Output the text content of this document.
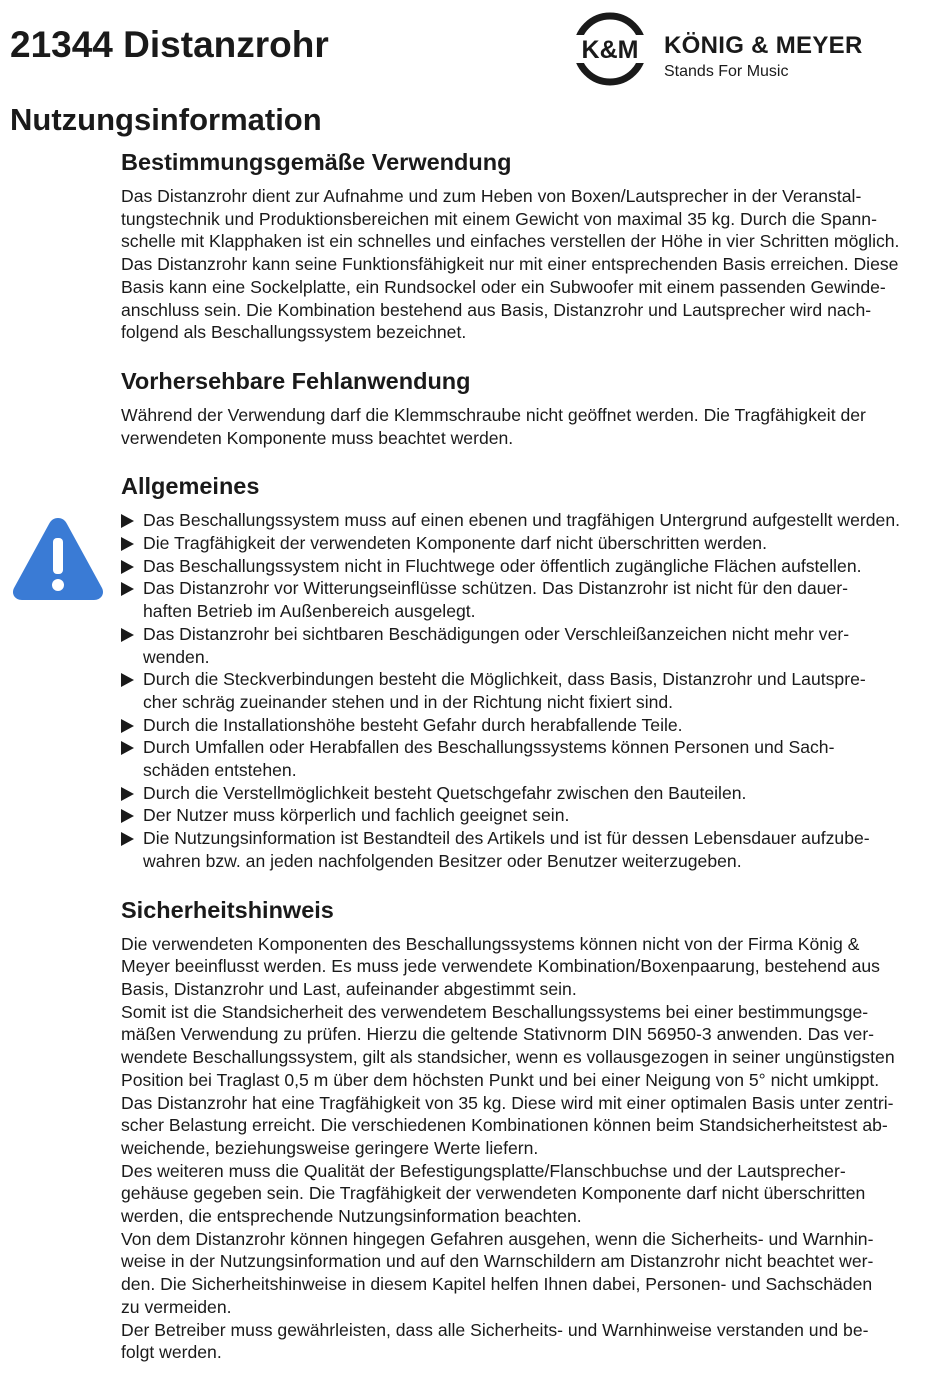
21344 Distanzrohr	K&M KÖNIG & MEYER
Stands For Music
Nutzungsinformation
Bestimmungsgemäße Verwendung

Das Distanzrohr dient zur Aufnahme und zum Heben von Boxen/Lautsprecher in der Veranstal-
tungstechnik und Produktionsbereichen mit einem Gewicht von maximal 35 kg. Durch die Spann-
schelle mit Klapphaken ist ein schnelles und einfaches verstellen der Höhe in vier Schritten möglich.
Das Distanzrohr kann seine Funktionsfähigkeit nur mit einer entsprechenden Basis erreichen. Diese
Basis kann eine Sockelplatte, ein Rundsockel oder ein Subwoofer mit einem passenden Gewinde-
anschluss sein. Die Kombination bestehend aus Basis, Distanzrohr und Lautsprecher wird nach-
folgend als Beschallungssystem bezeichnet.

Vorhersehbare Fehlanwendung

Während der Verwendung darf die Klemmschraube nicht geöffnet werden. Die Tragfähigkeit der
verwendeten Komponente muss beachtet werden.

Allgemeines
Das Beschallungssystem muss auf einen ebenen und tragfähigen Untergrund aufgestellt werden.
Die Tragfähigkeit der verwendeten Komponente darf nicht überschritten werden.
Das Beschallungssystem nicht in Fluchtwege oder öffentlich zugängliche Flächen aufstellen.
Das Distanzrohr vor Witterungseinflüsse schützen. Das Distanzrohr ist nicht für den dauer-
haften Betrieb im Außenbereich ausgelegt.
Das Distanzrohr bei sichtbaren Beschädigungen oder Verschleißanzeichen nicht mehr ver-
wenden.
Durch die Steckverbindungen besteht die Möglichkeit, dass Basis, Distanzrohr und Lautspre-
cher schräg zueinander stehen und in der Richtung nicht fixiert sind.
Durch die Installationshöhe besteht Gefahr durch herabfallende Teile.
Durch Umfallen oder Herabfallen des Beschallungssystems können Personen und Sach-
schäden entstehen.
Durch die Verstellmöglichkeit besteht Quetschgefahr zwischen den Bauteilen.
Der Nutzer muss körperlich und fachlich geeignet sein.
Die Nutzungsinformation ist Bestandteil des Artikels und ist für dessen Lebensdauer aufzube-
wahren bzw. an jeden nachfolgenden Besitzer oder Benutzer weiterzugeben.
Sicherheitshinweis

Die verwendeten Komponenten des Beschallungssystems können nicht von der Firma König &
Meyer beeinflusst werden. Es muss jede verwendete Kombination/Boxenpaarung, bestehend aus
Basis, Distanzrohr und Last, aufeinander abgestimmt sein.
Somit ist die Standsicherheit des verwendetem Beschallungssystems bei einer bestimmungsge-
mäßen Verwendung zu prüfen. Hierzu die geltende Stativnorm DIN 56950-3 anwenden. Das ver-
wendete Beschallungssystem, gilt als standsicher, wenn es vollausgezogen in seiner ungünstigsten
Position bei Traglast 0,5 m über dem höchsten Punkt und bei einer Neigung von 5° nicht umkippt.
Das Distanzrohr hat eine Tragfähigkeit von 35 kg. Diese wird mit einer optimalen Basis unter zentri-
scher Belastung erreicht. Die verschiedenen Kombinationen können beim Standsicherheitstest ab-
weichende, beziehungsweise geringere Werte liefern.
Des weiteren muss die Qualität der Befestigungsplatte/Flanschbuchse und der Lautsprecher-
gehäuse gegeben sein. Die Tragfähigkeit der verwendeten Komponente darf nicht überschritten
werden, die entsprechende Nutzungsinformation beachten.
Von dem Distanzrohr können hingegen Gefahren ausgehen, wenn die Sicherheits- und Warnhin-
weise in der Nutzungsinformation und auf den Warnschildern am Distanzrohr nicht beachtet wer-
den. Die Sicherheitshinweise in diesem Kapitel helfen Ihnen dabei, Personen- und Sachschäden
zu vermeiden.
Der Betreiber muss gewährleisten, dass alle Sicherheits- und Warnhinweise verstanden und be-
folgt werden.
